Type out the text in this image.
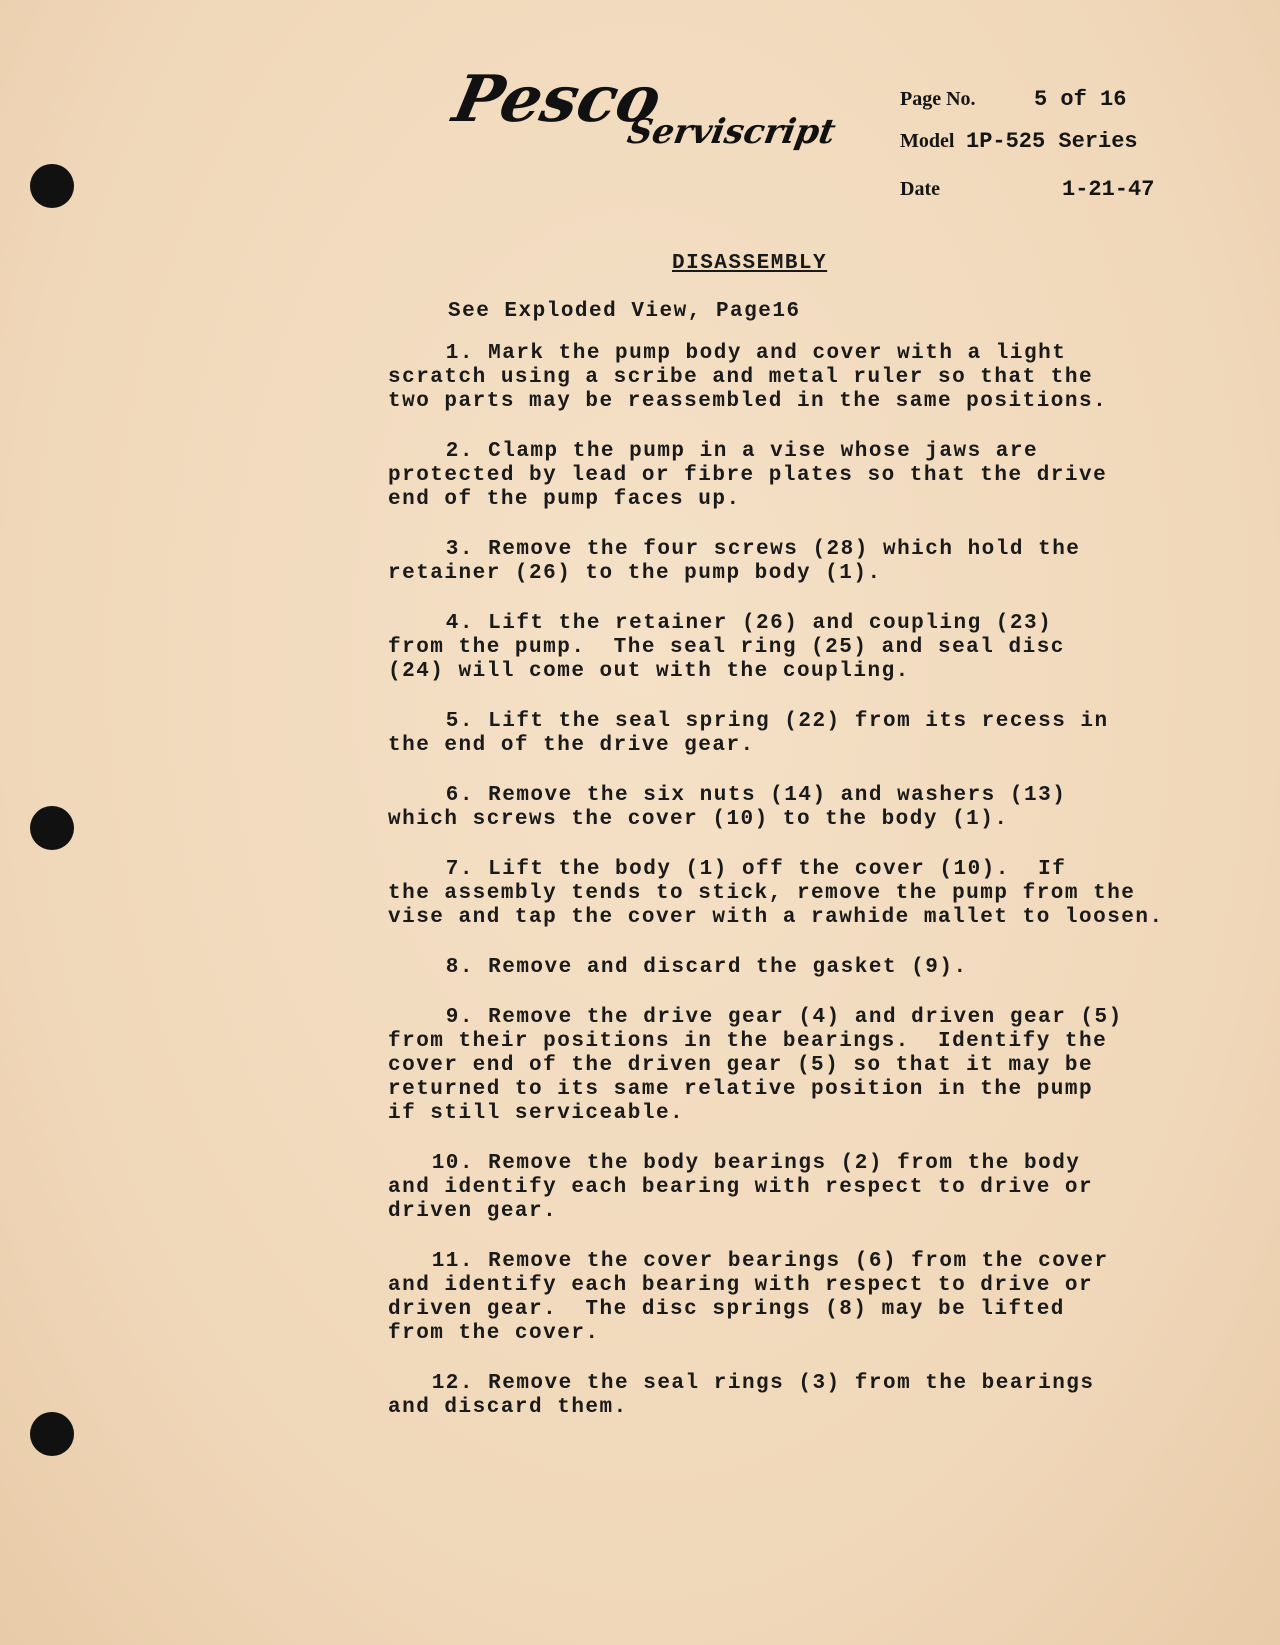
Pesco
Serviscript
Page No.	5 of 16
Model 1P-525 Series
Date	1-21-47
DISASSEMBLY
See Exploded View, Page16
1. Mark the pump body and cover with a light
scratch using a scribe and metal ruler so that the
two parts may be reassembled in the same positions.
2. Clamp the pump in a vise whose jaws are
protected by lead or fibre plates so that the drive
end of the pump faces up.
3. Remove the four screws (28) which hold the
retainer (26) to the pump body (1).
4. Lift the retainer (26) and coupling (23)
from the pump.  The seal ring (25) and seal disc
(24) will come out with the coupling.
5. Lift the seal spring (22) from its recess in
the end of the drive gear.
6. Remove the six nuts (14) and washers (13)
which screws the cover (10) to the body (1).
7. Lift the body (1) off the cover (10).  If
the assembly tends to stick, remove the pump from the
vise and tap the cover with a rawhide mallet to loosen.
8. Remove and discard the gasket (9).
9. Remove the drive gear (4) and driven gear (5)
from their positions in the bearings.  Identify the
cover end of the driven gear (5) so that it may be
returned to its same relative position in the pump
if still serviceable.
10. Remove the body bearings (2) from the body
and identify each bearing with respect to drive or
driven gear.
11. Remove the cover bearings (6) from the cover
and identify each bearing with respect to drive or
driven gear.  The disc springs (8) may be lifted
from the cover.
12. Remove the seal rings (3) from the bearings
and discard them.
